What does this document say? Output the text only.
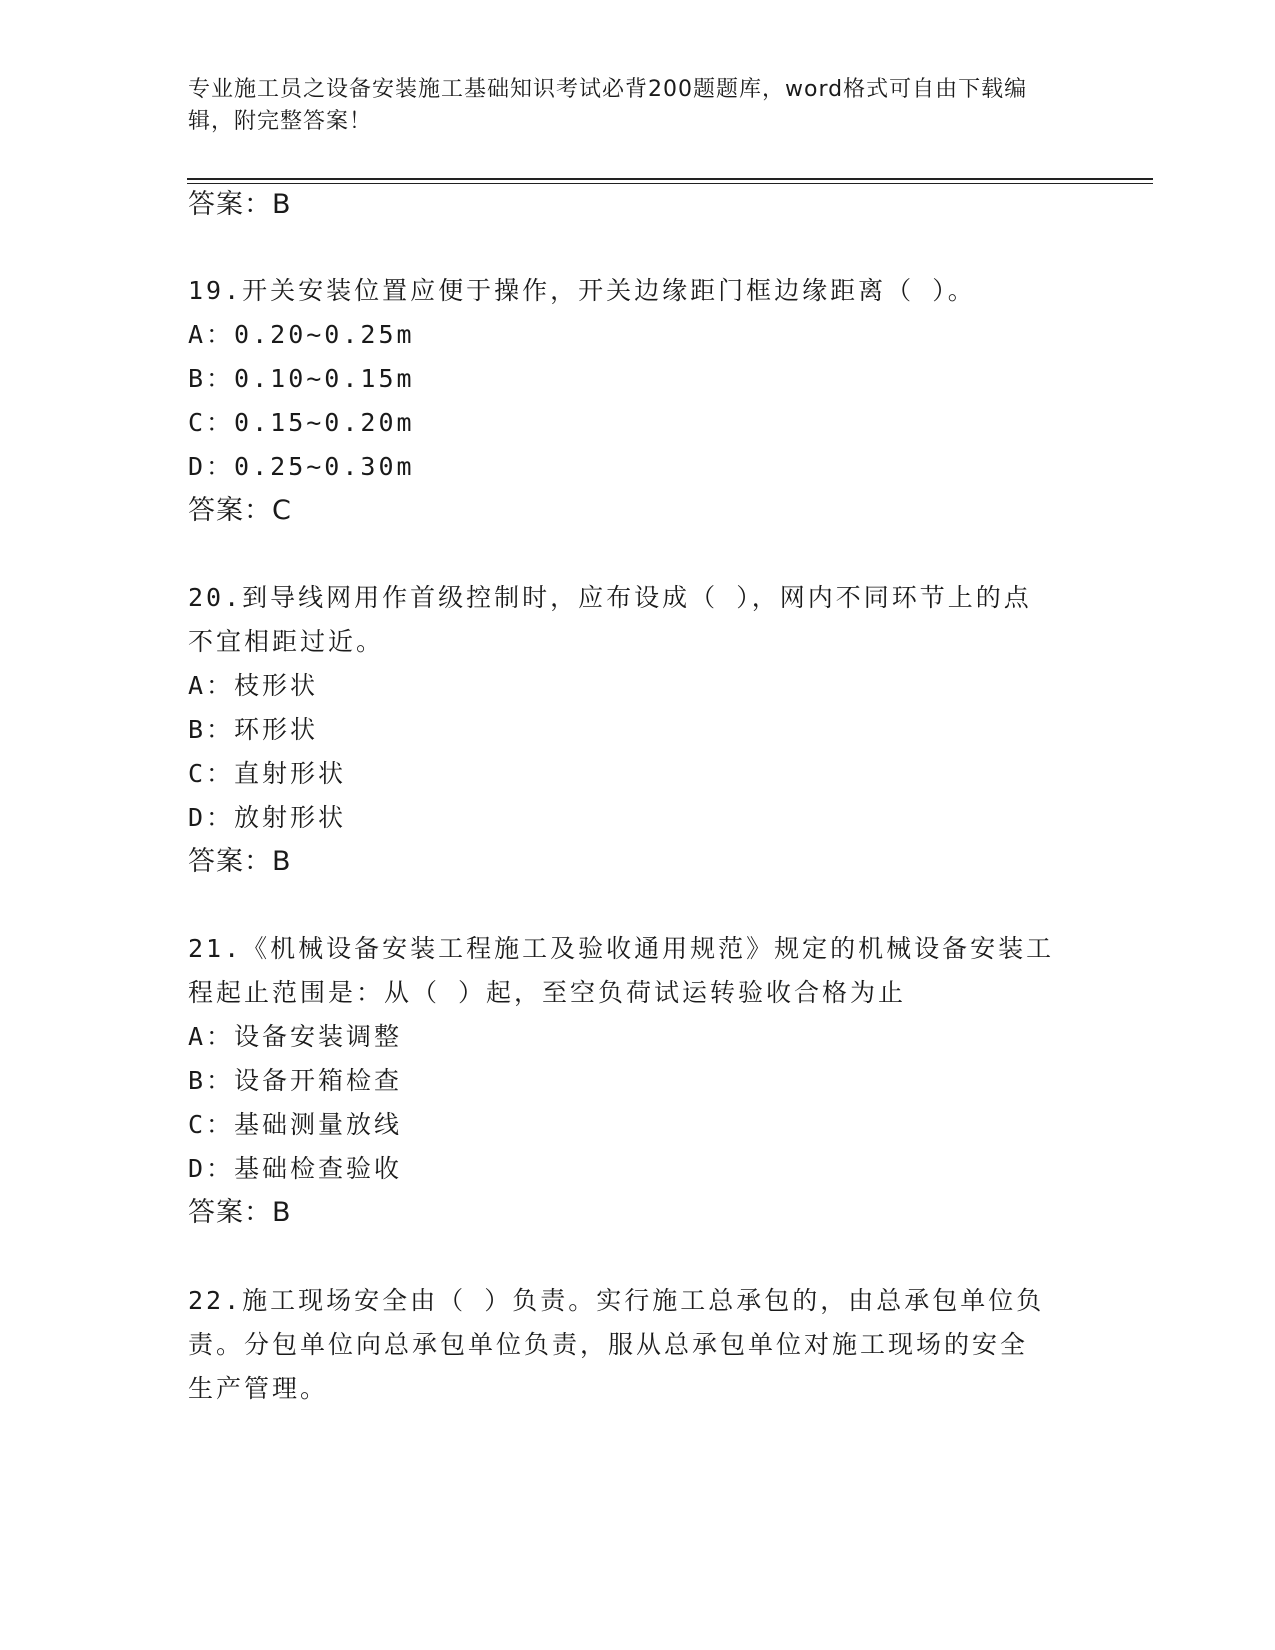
专业施工员之设备安装施工基础知识考试必背200题题库，word格式可自由下载编辑，附完整答案！
答案：B
19.开关安装位置应便于操作，开关边缘距门框边缘距离（ ）。
A：0.20~0.25m
B：0.10~0.15m
C：0.15~0.20m
D：0.25~0.30m
答案：C
20.到导线网用作首级控制时，应布设成（ ），网内不同环节上的点
不宜相距过近。
A：枝形状
B：环形状
C：直射形状
D：放射形状
答案：B
21.《机械设备安装工程施工及验收通用规范》规定的机械设备安装工
程起止范围是：从（ ）起，至空负荷试运转验收合格为止
A：设备安装调整
B：设备开箱检查
C：基础测量放线
D：基础检查验收
答案：B
22.施工现场安全由（ ）负责。实行施工总承包的，由总承包单位负
责。分包单位向总承包单位负责，服从总承包单位对施工现场的安全
生产管理。
